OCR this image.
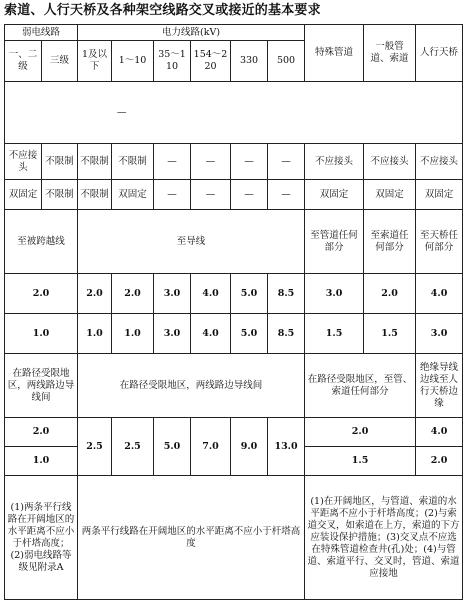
索道、人行天桥及各种架空线路交叉或接近的基本要求
弱电线路		电力线路(kV)						特殊管道	一般管道、索道	人行天桥
一、二级	三级	1及以下	1～10	35～110	154～220	330	500			
—										
不应接头	不限制	不限制	不限制	—	—	—	—	不应接头	不应接头	不应接头
双固定	不限制	不限制	双固定	—	—	—	—	双固定	双固定	双固定
至被跨越线		至导线						至管道任何部分	至索道任何部分	至天桥任何部分
2.0		2.0	2.0	3.0	4.0	5.0	8.5	3.0	2.0	4.0
1.0		1.0	1.0	3.0	4.0	5.0	8.5	1.5	1.5	3.0
在路径受限地区，两线路边导线间		在路径受限地区，两线路边导线间						在路径受限地区，至管、索道任何部分		绝缘导线边线至人行天桥边缘
2.0		2.5	2.5	5.0	7.0	9.0	13.0	2.0		4.0
1.0								1.5		2.0
(1)两条平行线路在开阔地区的水平距离不应小于杆塔高度；(2)弱电线路等级见附录A		两条平行线路在开阔地区的水平距离不应小于杆塔高度						(1)在开阔地区，与管道、索道的水平距离不应小于杆塔高度；(2)与索道交叉，如索道在上方，索道的下方应装设保护措施；(3)交叉点不应选在特殊管道检查井(孔)处；(4)与管道、索道平行、交叉时，管道、索道应接地		
